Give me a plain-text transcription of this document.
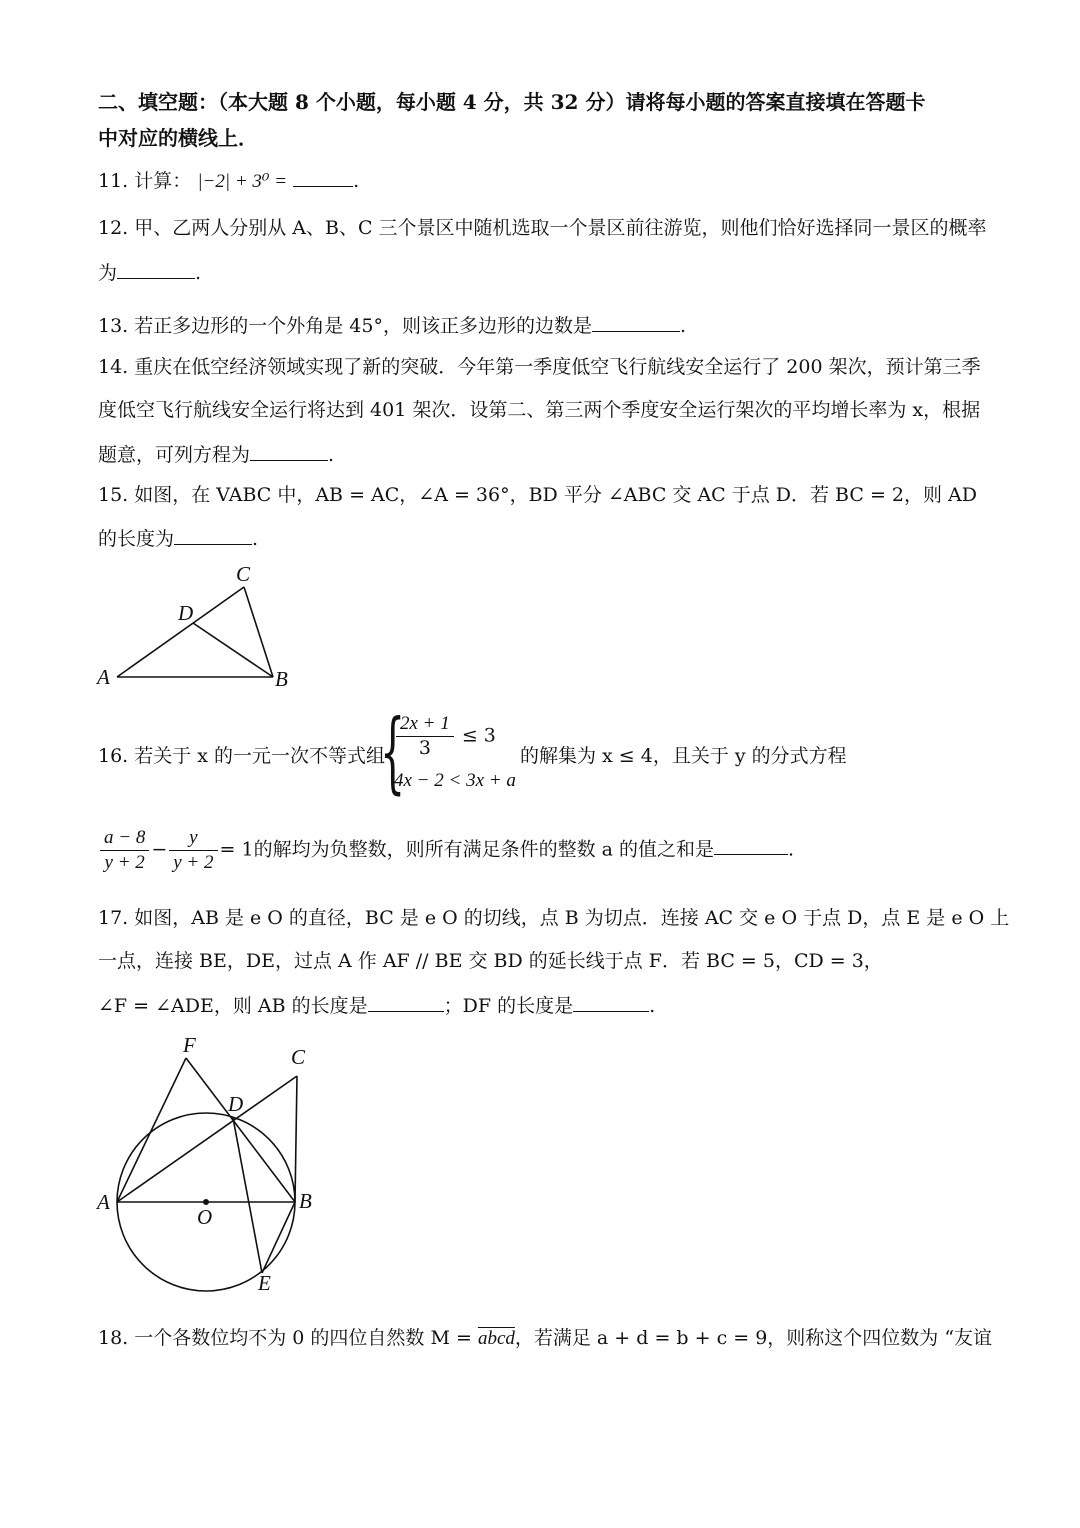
二、填空题：（本大题 8 个小题，每小题 4 分，共 32 分）请将每小题的答案直接填在答题卡
中对应的横线上．
11. 计算： |−2| + 3⁰ =	.
12. 甲、乙两人分别从 A、B、C 三个景区中随机选取一个景区前往游览，则他们恰好选择同一景区的概率
为	.
13. 若正多边形的一个外角是 45°，则该正多边形的边数是	.
14. 重庆在低空经济领域实现了新的突破．今年第一季度低空飞行航线安全运行了 200 架次，预计第三季
度低空飞行航线安全运行将达到 401 架次．设第二、第三两个季度安全运行架次的平均增长率为 x，根据
题意，可列方程为	.
15. 如图，在 VABC 中，AB = AC，∠A = 36°，BD 平分 ∠ABC 交 AC 于点 D．若 BC = 2，则 AD
的长度为	.
A	B
C
D
16. 若关于 x 的一元一次不等式组
{
$\frac{2x + 1}{3} \le 3$
4x − 2 < 3x + a
的解集为 x ≤ 4，且关于 y 的分式方程
$\frac{a - 8}{y + 2} - \frac{y}{y + 2} = 1$的解均为负整数，则所有满足条件的整数 a 的值之和是	.
17. 如图，AB 是 e O 的直径，BC 是 e O 的切线，点 B 为切点．连接 AC 交 e O 于点 D，点 E 是 e O 上
一点，连接 BE，DE，过点 A 作 AF // BE 交 BD 的延长线于点 F．若 BC = 5，CD = 3，
∠F = ∠ADE，则 AB 的长度是	；DF 的长度是	.
F	C
D
A	B
O
E
18. 一个各数位均不为 0 的四位自然数 M = abcd，若满足 a + d = b + c = 9，则称这个四位数为 “友谊
